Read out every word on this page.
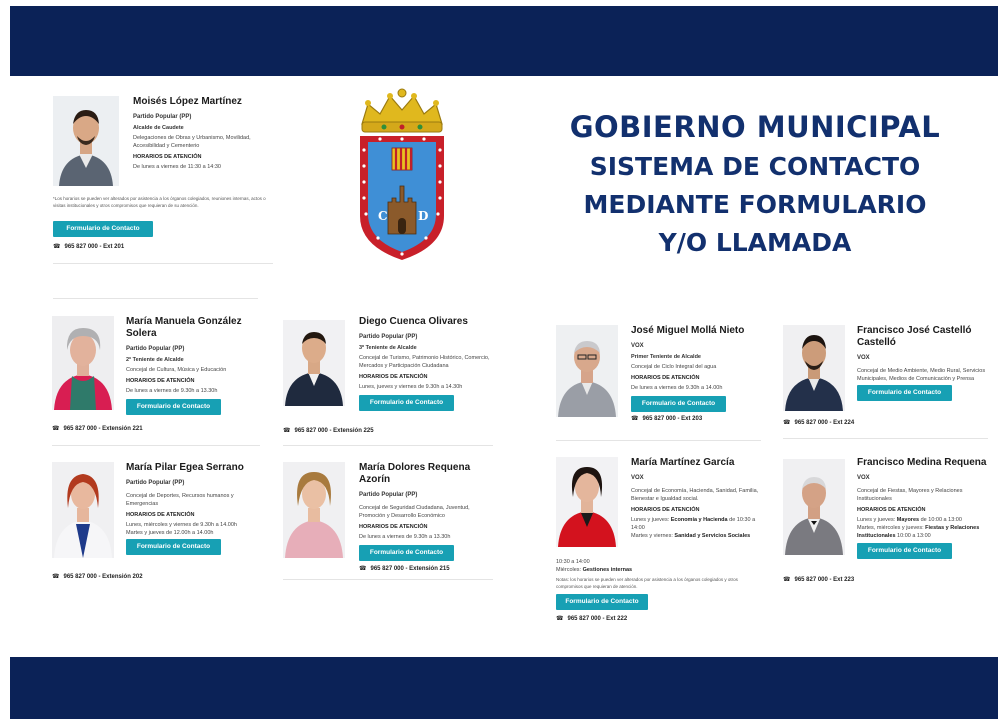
GOBIERNO MUNICIPAL
SISTEMA DE CONTACTO
MEDIANTE FORMULARIO
Y/O LLAMADA
C	D
Moisés López Martínez
Partido Popular (PP)
Alcalde de Caudete
Delegaciones de Obras y Urbanismo, Movilidad, Accesibilidad y Cementerio
HORARIOS DE ATENCIÓN
De lunes a viernes de 11:30 a 14:30
*Los horarios se pueden ver alterados por asistencia a los órganos colegiados, reuniones internas, actos o visitas institucionales y otros compromisos que requieran de su atención.
Formulario de Contacto
☎ 965 827 000 - Ext 201
María Manuela González Solera
Partido Popular (PP)
2ª Teniente de Alcalde
Concejal de Cultura, Música y Educación
HORARIOS DE ATENCIÓN
De lunes a viernes de 9.30h a 13.30h
Formulario de Contacto
☎ 965 827 000 - Extensión 221
Diego Cuenca Olivares
Partido Popular (PP)
3º Teniente de Alcalde
Concejal de Turismo, Patrimonio Histórico, Comercio, Mercados y Participación Ciudadana
HORARIOS DE ATENCIÓN
Lunes, jueves y viernes de 9.30h a 14.30h
Formulario de Contacto
☎ 965 827 000 - Extensión 225
María Pilar Egea Serrano
Partido Popular (PP)
Concejal de Deportes, Recursos humanos y Emergencias
HORARIOS DE ATENCIÓN
Lunes, miércoles y viernes de 9.30h a 14.00h
Martes y jueves de 12.00h a 14.00h
Formulario de Contacto
☎ 965 827 000 - Extensión 202
María Dolores Requena Azorín
Partido Popular (PP)
Concejal de Seguridad Ciudadana, Juventud, Promoción y Desarrollo Económico
HORARIOS DE ATENCIÓN
De lunes a viernes de 9.30h a 13.30h
Formulario de Contacto
☎ 965 827 000 - Extensión 215
José Miguel Mollá Nieto
VOX
Primer Teniente de Alcalde
Concejal de Ciclo Integral del agua
HORARIOS DE ATENCIÓN
De lunes a viernes de 9.30h a 14.00h
Formulario de Contacto
☎ 965 827 000 - Ext 203
Francisco José Castelló Castelló
VOX
Concejal de Medio Ambiente, Medio Rural, Servicios Municipales, Medios de Comunicación y Prensa
Formulario de Contacto
☎ 965 827 000 - Ext 224
María Martínez García
VOX
Concejal de Economía, Hacienda, Sanidad, Familia, Bienestar e Igualdad social.
HORARIOS DE ATENCIÓN
Lunes y jueves: Economía y Hacienda de 10:30 a 14:00
Martes y viernes: Sanidad y Servicios Sociales
10:30 a 14:00
Miércoles: Gestiones internas
Notas: los horarios se pueden ver alterados por asistencia a los órganos colegiados y otros compromisos que requieran de atención.
Formulario de Contacto
☎ 965 827 000 - Ext 222
Francisco Medina Requena
VOX
Concejal de Fiestas, Mayores y Relaciones Institucionales
HORARIOS DE ATENCIÓN
Lunes y jueves: Mayores de 10:00 a 13:00
Martes, miércoles y jueves: Fiestas y Relaciones Institucionales 10:00 a 13:00
Formulario de Contacto
☎ 965 827 000 - Ext 223
